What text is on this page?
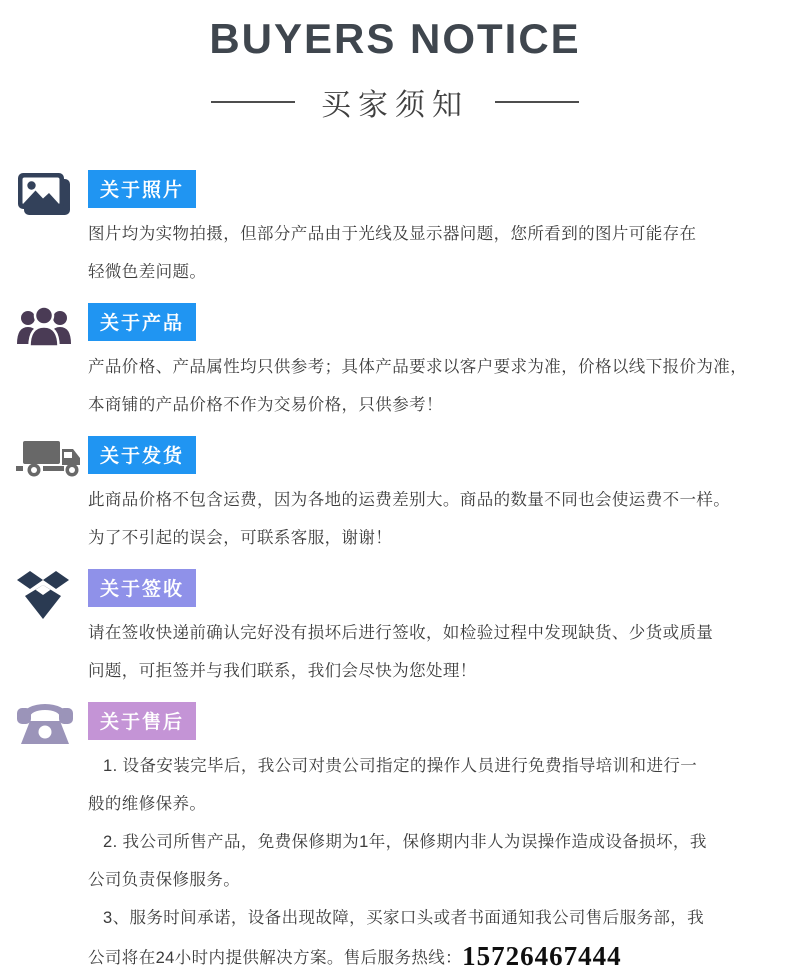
BUYERS NOTICE
买家须知
关于照片

图片均为实物拍摄，但部分产品由于光线及显示器问题，您所看到的图片可能存在

轻微色差问题。

关于产品

产品价格、产品属性均只供参考；具体产品要求以客户要求为准，价格以线下报价为准，

本商铺的产品价格不作为交易价格，只供参考！

关于发货

此商品价格不包含运费，因为各地的运费差别大。商品的数量不同也会使运费不一样。

为了不引起的误会，可联系客服，谢谢！

关于签收

请在签收快递前确认完好没有损坏后进行签收，如检验过程中发现缺货、少货或质量

问题，可拒签并与我们联系，我们会尽快为您处理！

关于售后

1. 设备安装完毕后，我公司对贵公司指定的操作人员进行免费指导培训和进行一

般的维修保养。

2. 我公司所售产品，免费保修期为1年，保修期内非人为误操作造成设备损坏，我

公司负责保修服务。

3、服务时间承诺，设备出现故障，买家口头或者书面通知我公司售后服务部，我

公司将在24小时内提供解决方案。售后服务热线：15726467444
